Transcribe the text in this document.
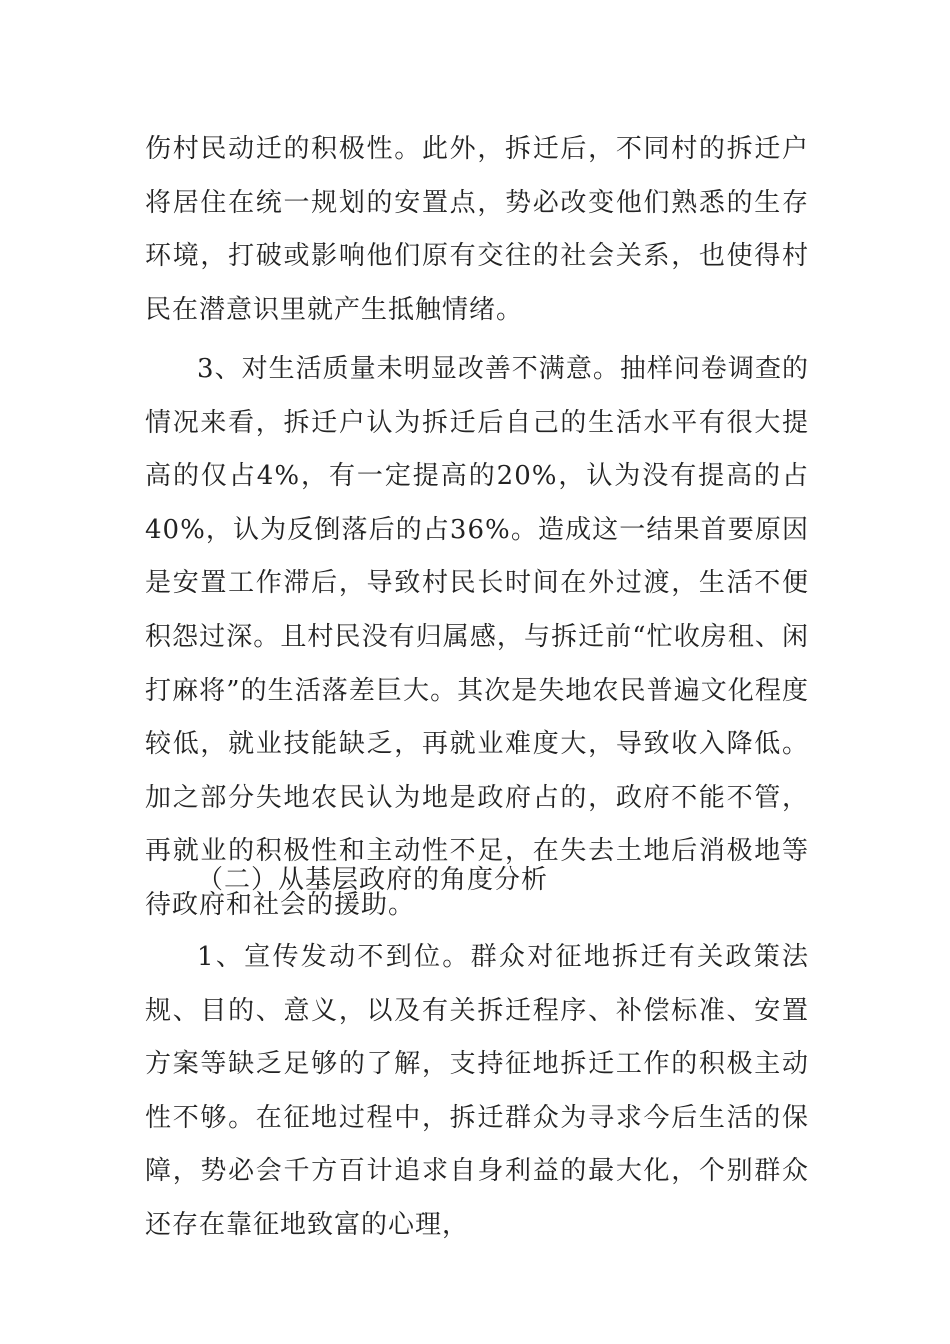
伤村民动迁的积极性。此外，拆迁后，不同村的拆迁户将居住在统一规划的安置点，势必改变他们熟悉的生存环境，打破或影响他们原有交往的社会关系，也使得村民在潜意识里就产生抵触情绪。

3、对生活质量未明显改善不满意。抽样问卷调查的情况来看，拆迁户认为拆迁后自己的生活水平有很大提高的仅占4%，有一定提高的20%，认为没有提高的占40%，认为反倒落后的占36%。造成这一结果首要原因是安置工作滞后，导致村民长时间在外过渡，生活不便积怨过深。且村民没有归属感，与拆迁前“忙收房租、闲打麻将”的生活落差巨大。其次是失地农民普遍文化程度较低，就业技能缺乏，再就业难度大，导致收入降低。加之部分失地农民认为地是政府占的，政府不能不管，再就业的积极性和主动性不足，在失去土地后消极地等待政府和社会的援助。

（二）从基层政府的角度分析

1、宣传发动不到位。群众对征地拆迁有关政策法规、目的、意义，以及有关拆迁程序、补偿标准、安置方案等缺乏足够的了解，支持征地拆迁工作的积极主动性不够。在征地过程中，拆迁群众为寻求今后生活的保障，势必会千方百计追求自身利益的最大化，个别群众还存在靠征地致富的心理，
